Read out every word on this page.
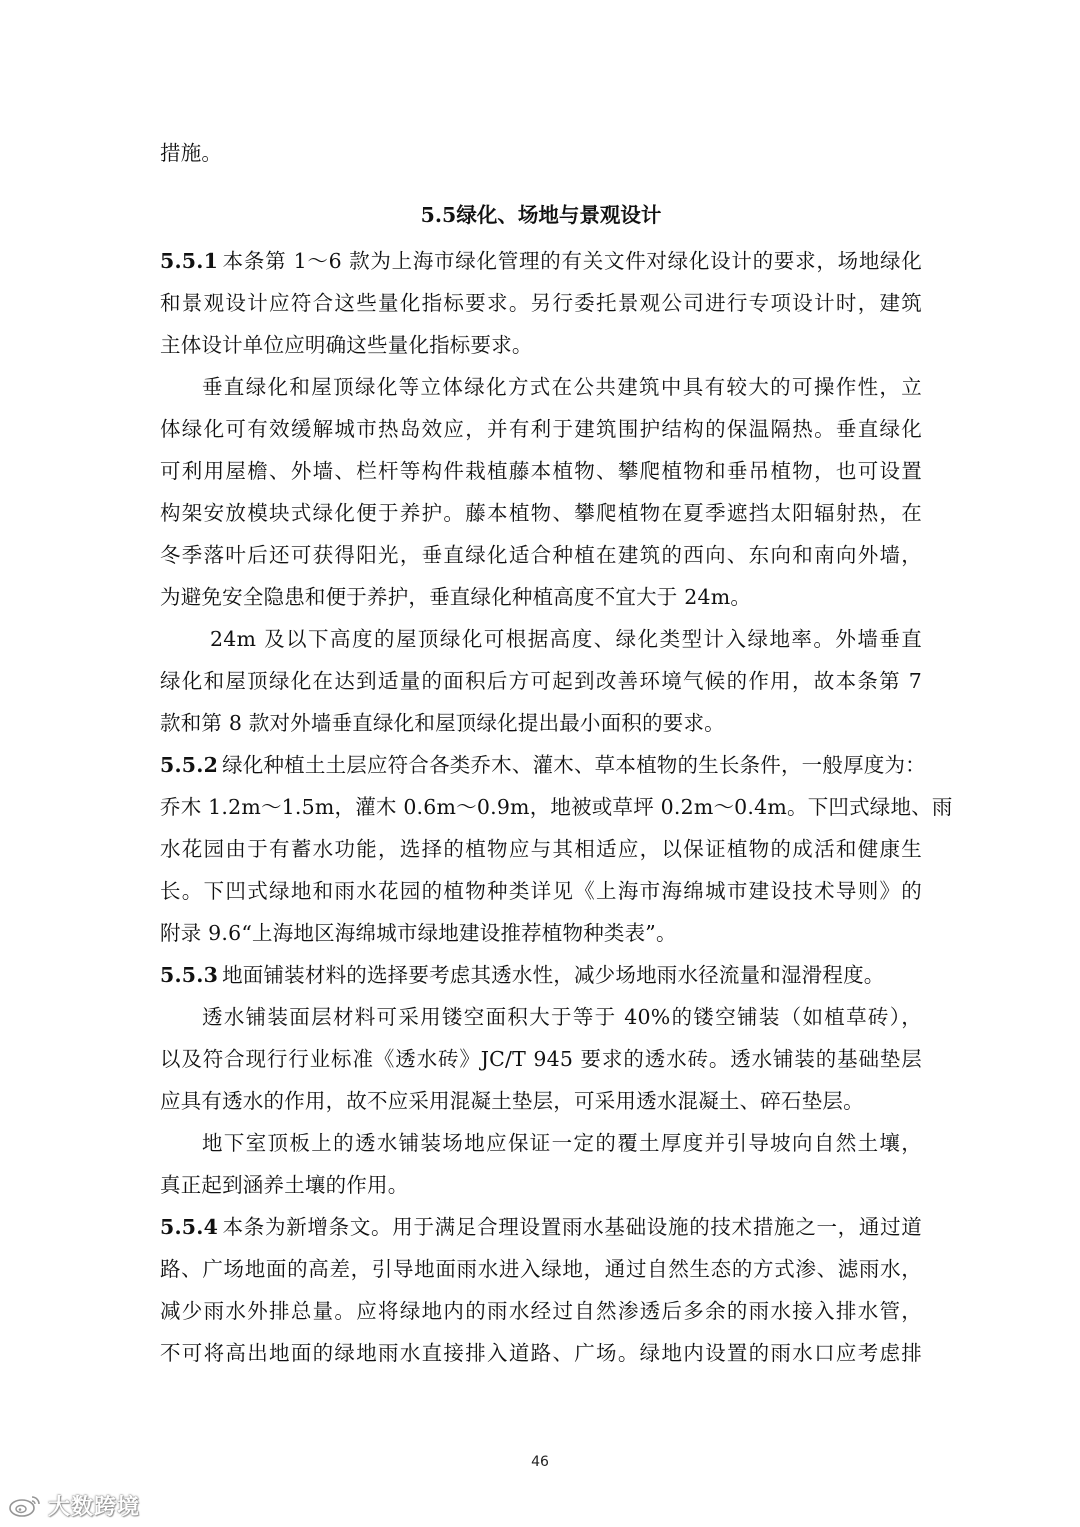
措施。
5.5绿化、场地与景观设计
5.5.1 本条第 1～6 款为上海市绿化管理的有关文件对绿化设计的要求，场地绿化
和景观设计应符合这些量化指标要求。另行委托景观公司进行专项设计时，建筑
主体设计单位应明确这些量化指标要求。
垂直绿化和屋顶绿化等立体绿化方式在公共建筑中具有较大的可操作性，立
体绿化可有效缓解城市热岛效应，并有利于建筑围护结构的保温隔热。垂直绿化
可利用屋檐、外墙、栏杆等构件栽植藤本植物、攀爬植物和垂吊植物，也可设置
构架安放模块式绿化便于养护。藤本植物、攀爬植物在夏季遮挡太阳辐射热，在
冬季落叶后还可获得阳光，垂直绿化适合种植在建筑的西向、东向和南向外墙，
为避免安全隐患和便于养护，垂直绿化种植高度不宜大于 24m。
24m 及以下高度的屋顶绿化可根据高度、绿化类型计入绿地率。外墙垂直
绿化和屋顶绿化在达到适量的面积后方可起到改善环境气候的作用，故本条第 7
款和第 8 款对外墙垂直绿化和屋顶绿化提出最小面积的要求。
5.5.2 绿化种植土土层应符合各类乔木、灌木、草本植物的生长条件，一般厚度为：
乔木 1.2m～1.5m，灌木 0.6m～0.9m，地被或草坪 0.2m～0.4m。下凹式绿地、雨
水花园由于有蓄水功能，选择的植物应与其相适应，以保证植物的成活和健康生
长。下凹式绿地和雨水花园的植物种类详见《上海市海绵城市建设技术导则》的
附录 9.6“上海地区海绵城市绿地建设推荐植物种类表”。
5.5.3 地面铺装材料的选择要考虑其透水性，减少场地雨水径流量和湿滑程度。
透水铺装面层材料可采用镂空面积大于等于 40%的镂空铺装（如植草砖），
以及符合现行行业标准《透水砖》JC/T 945 要求的透水砖。透水铺装的基础垫层
应具有透水的作用，故不应采用混凝土垫层，可采用透水混凝土、碎石垫层。
地下室顶板上的透水铺装场地应保证一定的覆土厚度并引导坡向自然土壤，
真正起到涵养土壤的作用。
5.5.4 本条为新增条文。用于满足合理设置雨水基础设施的技术措施之一，通过道
路、广场地面的高差，引导地面雨水进入绿地，通过自然生态的方式渗、滤雨水，
减少雨水外排总量。应将绿地内的雨水经过自然渗透后多余的雨水接入排水管，
不可将高出地面的绿地雨水直接排入道路、广场。绿地内设置的雨水口应考虑排
46
大数跨境
